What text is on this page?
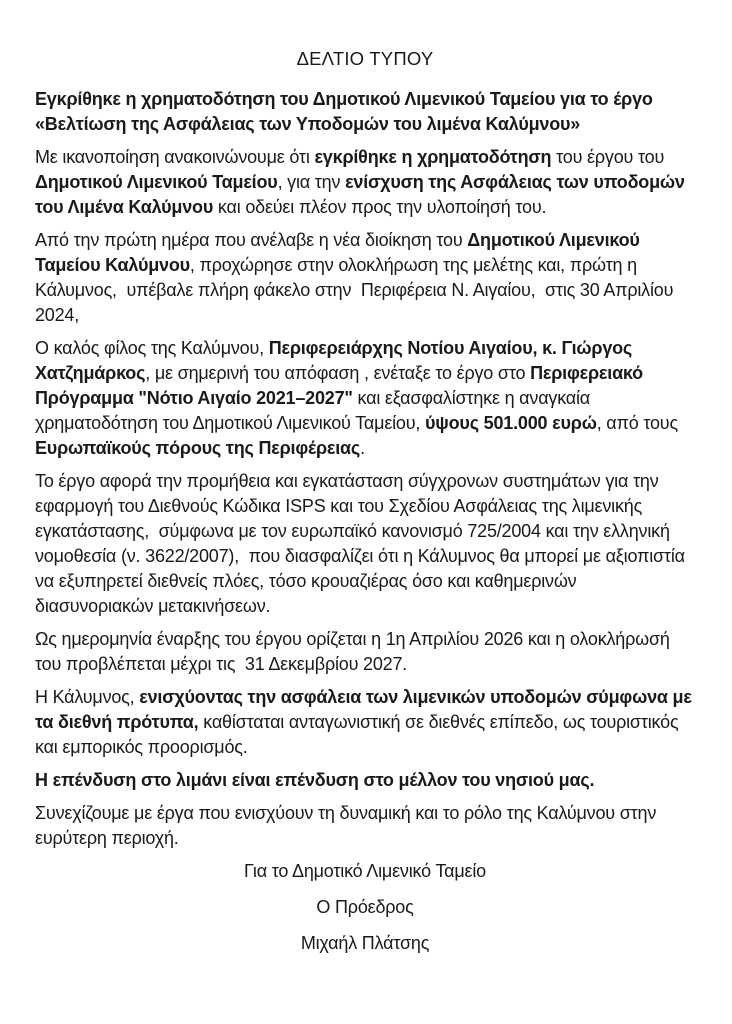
ΔΕΛΤΙΟ ΤΥΠΟΥ

Εγκρίθηκε η χρηματοδότηση του Δημοτικού Λιμενικού Ταμείου για το έργο «Βελτίωση της Ασφάλειας των Υποδομών του λιμένα Καλύμνου»

Με ικανοποίηση ανακοινώνουμε ότι εγκρίθηκε η χρηματοδότηση του έργου του Δημοτικού Λιμενικού Ταμείου, για την ενίσχυση της Ασφάλειας των υποδομών του Λιμένα Καλύμνου και οδεύει πλέον προς την υλοποίησή του.

Από την πρώτη ημέρα που ανέλαβε η νέα διοίκηση του Δημοτικού Λιμενικού Ταμείου Καλύμνου, προχώρησε στην ολοκλήρωση της μελέτης και, πρώτη η Κάλυμνος,  υπέβαλε πλήρη φάκελο στην  Περιφέρεια Ν. Αιγαίου,  στις 30 Απριλίου 2024,

Ο καλός φίλος της Καλύμνου, Περιφερειάρχης Νοτίου Αιγαίου, κ. Γιώργος Χατζημάρκος, με σημερινή του απόφαση , ενέταξε το έργο στο Περιφερειακό Πρόγραμμα "Νότιο Αιγαίο 2021–2027" και εξασφαλίστηκε η αναγκαία χρηματοδότηση του Δημοτικού Λιμενικού Ταμείου, ύψους 501.000 ευρώ, από τους Ευρωπαϊκούς πόρους της Περιφέρειας.

Το έργο αφορά την προμήθεια και εγκατάσταση σύγχρονων συστημάτων για την εφαρμογή του Διεθνούς Κώδικα ISPS και του Σχεδίου Ασφάλειας της λιμενικής εγκατάστασης,  σύμφωνα με τον ευρωπαϊκό κανονισμό 725/2004 και την ελληνική νομοθεσία (ν. 3622/2007),  που διασφαλίζει ότι η Κάλυμνος θα μπορεί με αξιοπιστία να εξυπηρετεί διεθνείς πλόες, τόσο κρουαζιέρας όσο και καθημερινών διασυνοριακών μετακινήσεων.

Ως ημερομηνία έναρξης του έργου ορίζεται η 1η Απριλίου 2026 και η ολοκλήρωσή του προβλέπεται μέχρι τις  31 Δεκεμβρίου 2027.

Η Κάλυμνος, ενισχύοντας την ασφάλεια των λιμενικών υποδομών σύμφωνα με τα διεθνή πρότυπα, καθίσταται ανταγωνιστική σε διεθνές επίπεδο, ως τουριστικός και εμπορικός προορισμός.

Η επένδυση στο λιμάνι είναι επένδυση στο μέλλον του νησιού μας.

Συνεχίζουμε με έργα που ενισχύουν τη δυναμική και το ρόλο της Καλύμνου στην ευρύτερη περιοχή.

Για το Δημοτικό Λιμενικό Ταμείο
Ο Πρόεδρος
Μιχαήλ Πλάτσης
